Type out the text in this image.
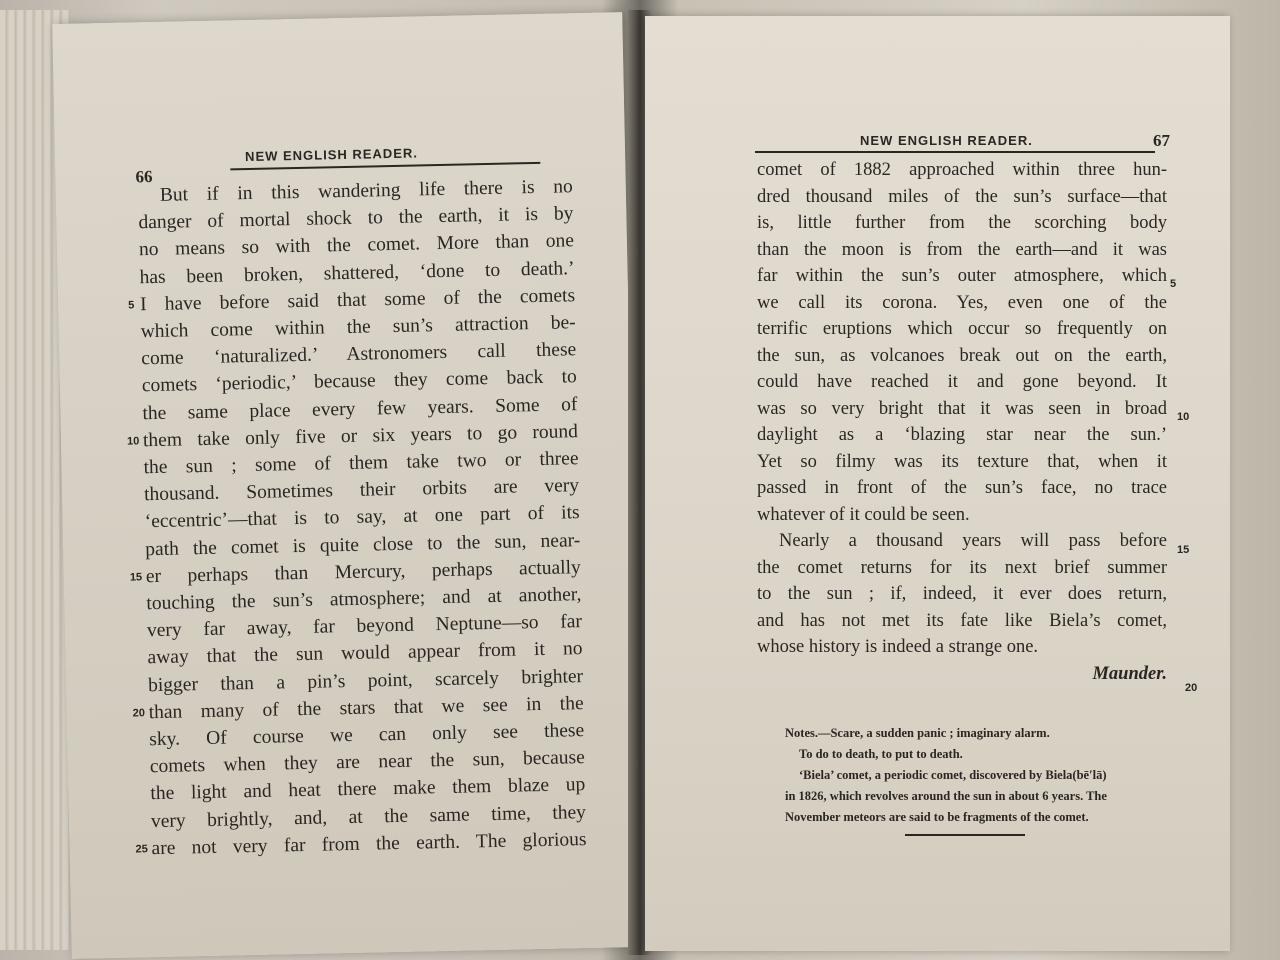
66
NEW ENGLISH READER.
But if in this wandering life there is no
danger of mortal shock to the earth, it is by
no means so with the comet. More than one
has been broken, shattered, ‘done to death.’
I have before said that some of the comets
which come within the sun’s attraction be-
come ‘naturalized.’ Astronomers call these
comets ‘periodic,’ because they come back to
the same place every few years. Some of
them take only five or six years to go round
the sun ; some of them take two or three
thousand. Sometimes their orbits are very
‘eccentric’—that is to say, at one part of its
path the comet is quite close to the sun, near-
er perhaps than Mercury, perhaps actually
touching the sun’s atmosphere; and at another,
very far away, far beyond Neptune—so far
away that the sun would appear from it no
bigger than a pin’s point, scarcely brighter
than many of the stars that we see in the
sky. Of course we can only see these
comets when they are near the sun, because
the light and heat there make them blaze up
very brightly, and, at the same time, they
are not very far from the earth. The glorious
5
10
15
20
25
NEW ENGLISH READER.	67
comet of 1882 approached within three hun-
dred thousand miles of the sun’s surface—that
is, little further from the scorching body
than the moon is from the earth—and it was
far within the sun’s outer atmosphere, which
we call its corona. Yes, even one of the
terrific eruptions which occur so frequently on
the sun, as volcanoes break out on the earth,
could have reached it and gone beyond. It
was so very bright that it was seen in broad
daylight as a ‘blazing star near the sun.’
Yet so filmy was its texture that, when it
passed in front of the sun’s face, no trace
whatever of it could be seen.
Nearly a thousand years will pass before
the comet returns for its next brief summer
to the sun ; if, indeed, it ever does return,
and has not met its fate like Biela’s comet,
whose history is indeed a strange one.
Maunder.
5
10
15
20
Notes.—Scare, a sudden panic ; imaginary alarm.
To do to death, to put to death.
‘Biela’ comet, a periodic comet, discovered by Biela(bē′lā)
in 1826, which revolves around the sun in about 6 years. The
November meteors are said to be fragments of the comet.
